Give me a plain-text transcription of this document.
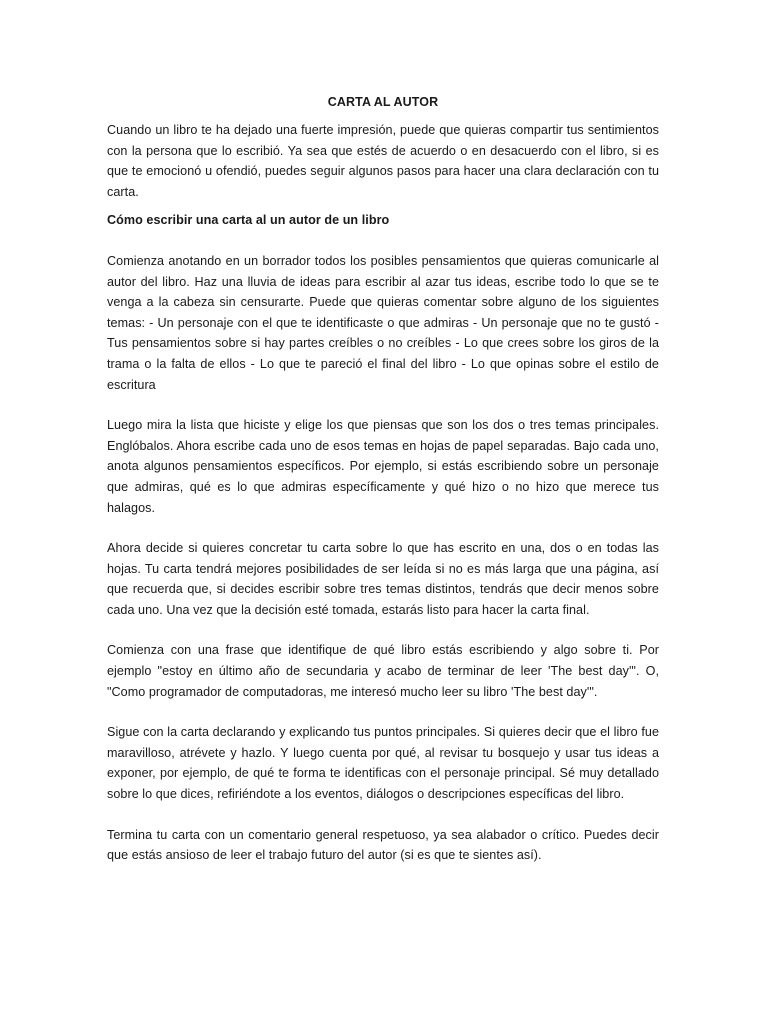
CARTA AL AUTOR

Cuando un libro te ha dejado una fuerte impresión, puede que quieras compartir tus sentimientos con la persona que lo escribió. Ya sea que estés de acuerdo o en desacuerdo con el libro, si es que te emocionó u ofendió, puedes seguir algunos pasos para hacer una clara declaración con tu carta.

Cómo escribir una carta al un autor de un libro

Comienza anotando en un borrador todos los posibles pensamientos que quieras comunicarle al autor del libro. Haz una lluvia de ideas para escribir al azar tus ideas, escribe todo lo que se te venga a la cabeza sin censurarte. Puede que quieras comentar sobre alguno de los siguientes temas: - Un personaje con el que te identificaste o que admiras - Un personaje que no te gustó - Tus pensamientos sobre si hay partes creíbles o no creíbles - Lo que crees sobre los giros de la trama o la falta de ellos - Lo que te pareció el final del libro - Lo que opinas sobre el estilo de escritura

Luego mira la lista que hiciste y elige los que piensas que son los dos o tres temas principales. Englóbalos. Ahora escribe cada uno de esos temas en hojas de papel separadas. Bajo cada uno, anota algunos pensamientos específicos. Por ejemplo, si estás escribiendo sobre un personaje que admiras, qué es lo que admiras específicamente y qué hizo o no hizo que merece tus halagos.

Ahora decide si quieres concretar tu carta sobre lo que has escrito en una, dos o en todas las hojas. Tu carta tendrá mejores posibilidades de ser leída si no es más larga que una página, así que recuerda que, si decides escribir sobre tres temas distintos, tendrás que decir menos sobre cada uno. Una vez que la decisión esté tomada, estarás listo para hacer la carta final.

Comienza con una frase que identifique de qué libro estás escribiendo y algo sobre ti. Por ejemplo "estoy en último año de secundaria y acabo de terminar de leer 'The best day'". O, "Como programador de computadoras, me interesó mucho leer su libro 'The best day'".

Sigue con la carta declarando y explicando tus puntos principales. Si quieres decir que el libro fue maravilloso, atrévete y hazlo. Y luego cuenta por qué, al revisar tu bosquejo y usar tus ideas a exponer, por ejemplo, de qué te forma te identificas con el personaje principal. Sé muy detallado sobre lo que dices, refiriéndote a los eventos, diálogos o descripciones específicas del libro.

Termina tu carta con un comentario general respetuoso, ya sea alabador o crítico. Puedes decir que estás ansioso de leer el trabajo futuro del autor (si es que te sientes así).
